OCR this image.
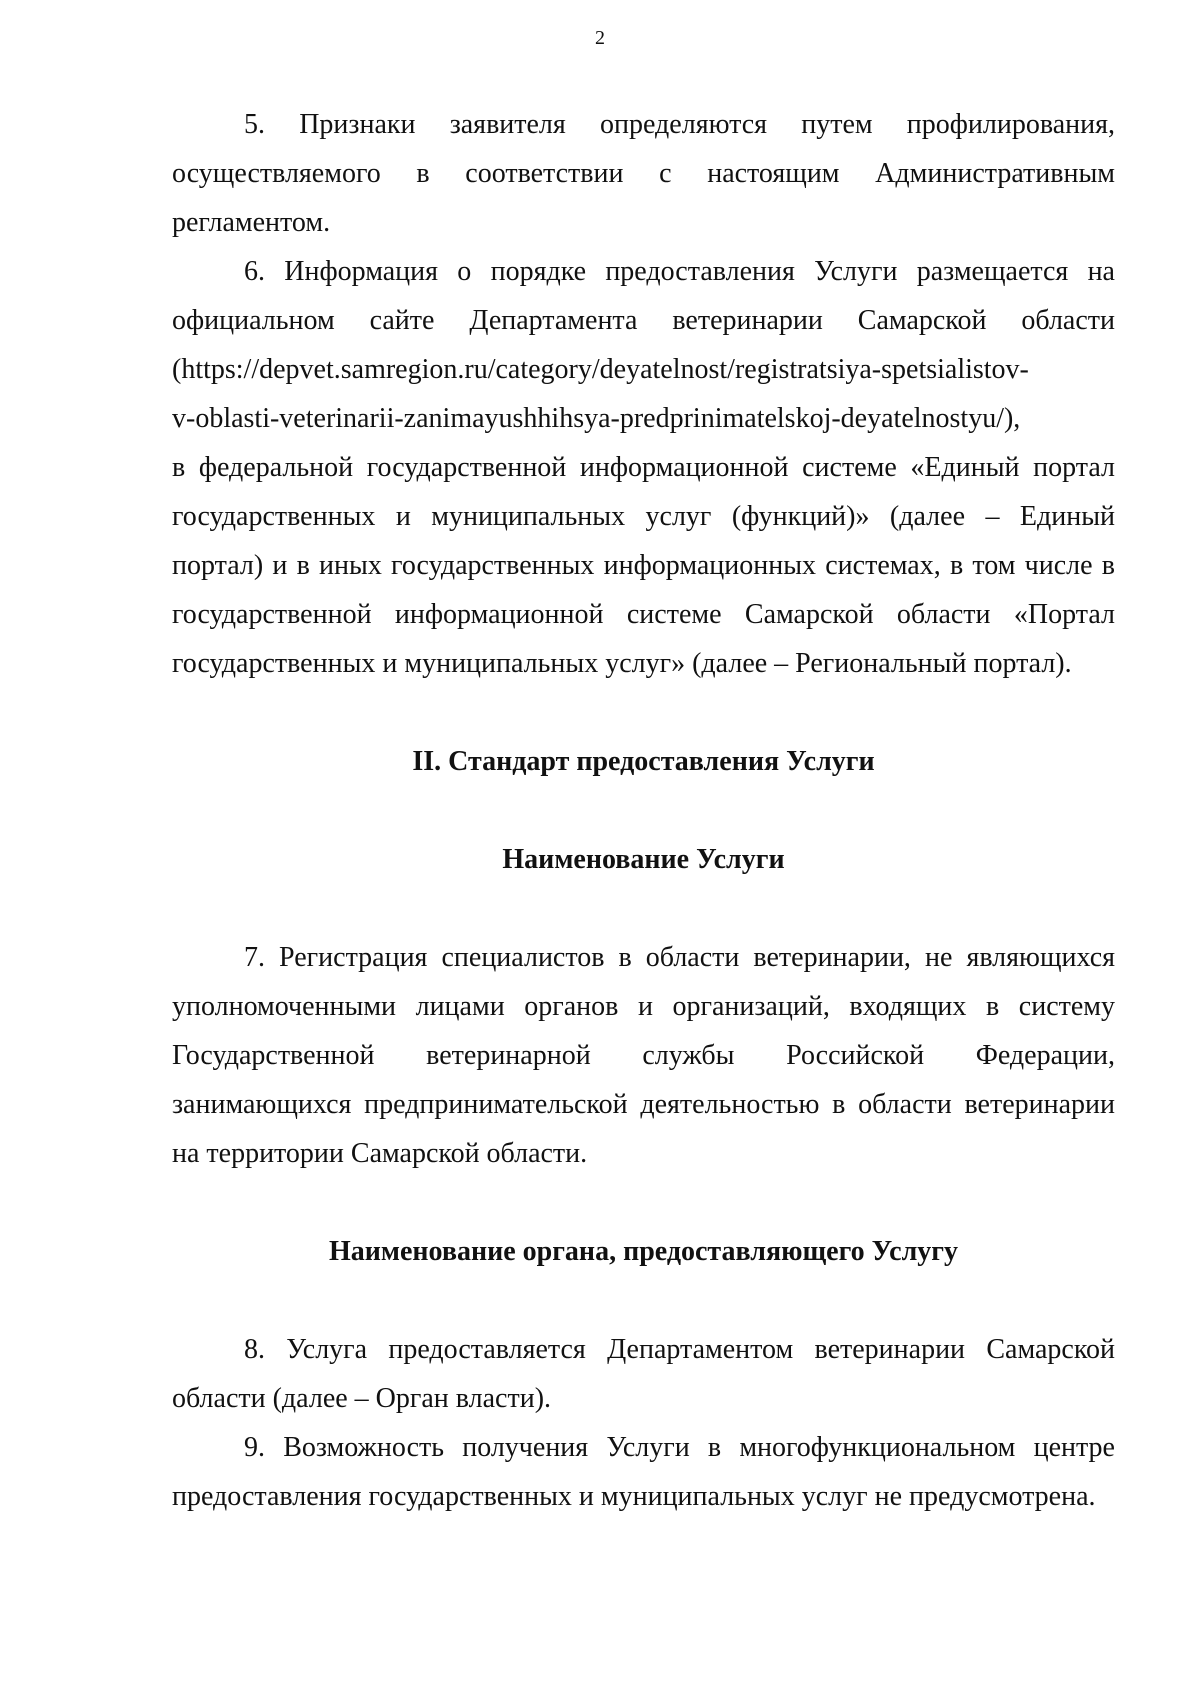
2

5. Признаки заявителя определяются путем профилирования, осуществляемого в соответствии с настоящим Административным регламентом.

6. Информация о порядке предоставления Услуги размещается на официальном сайте Департамента ветеринарии Самарской области (https://depvet.samregion.ru/category/deyatelnost/registratsiya-spetsialistov-

v-oblasti-veterinarii-zanimayushhihsya-predprinimatelskoj-deyatelnostyu/),

в федеральной государственной информационной системе «Единый портал государственных и муниципальных услуг (функций)» (далее – Единый портал) и в иных государственных информационных системах, в том числе в государственной информационной системе Самарской области «Портал государственных и муниципальных услуг» (далее – Региональный портал).

II. Стандарт предоставления Услуги

Наименование Услуги

7. Регистрация специалистов в области ветеринарии, не являющихся уполномоченными лицами органов и организаций, входящих в систему Государственной ветеринарной службы Российской Федерации, занимающихся предпринимательской деятельностью в области ветеринарии на территории Самарской области.

Наименование органа, предоставляющего Услугу

8. Услуга предоставляется Департаментом ветеринарии Самарской области (далее – Орган власти).

9. Возможность получения Услуги в многофункциональном центре предоставления государственных и муниципальных услуг не предусмотрена.
